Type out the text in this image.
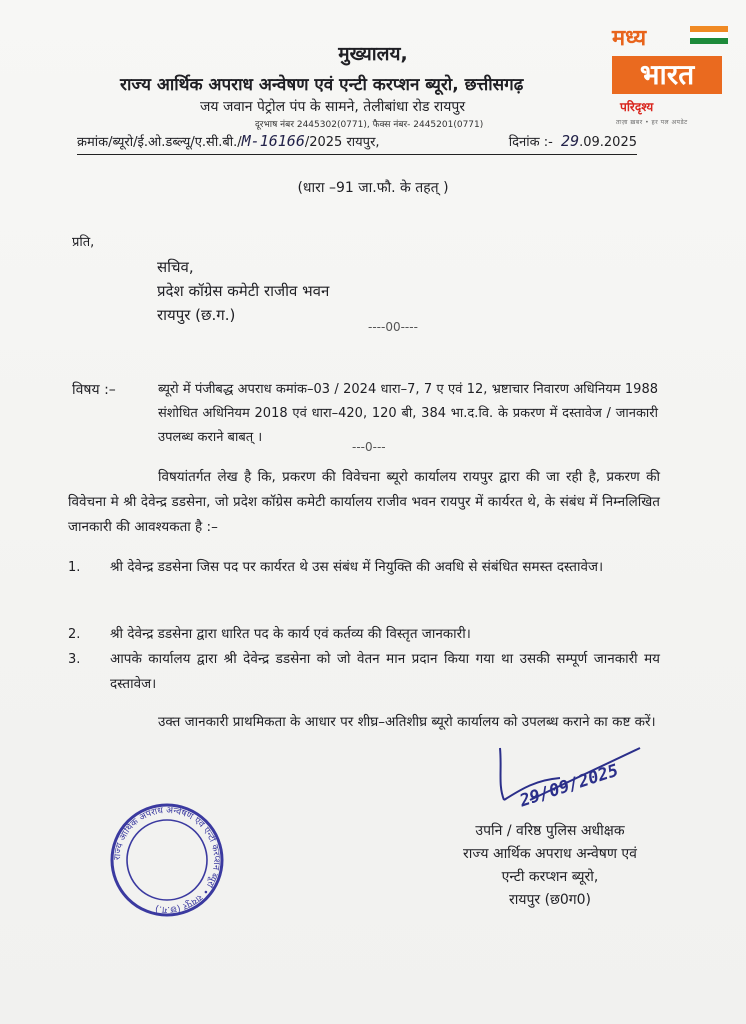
मध्य
भारत
परिदृश्य
ताज़ा ख़बर • हर पल अपडेट
मुख्यालय,
राज्य आर्थिक अपराध अन्वेषण एवं एन्टी करप्शन ब्यूरो, छत्तीसगढ़
जय जवान पेट्रोल पंप के सामने, तेलीबांधा रोड रायपुर
दूरभाष नंबर 2445302(0771), फैक्स नंबर- 2445201(0771)
क्रमांक/ब्यूरो/ई.ओ.डब्ल्यू/ए.सी.बी./M-16166/2025 रायपुर,	दिनांक :- 29.09.2025
(धारा –91 जा.फौ. के तहत् )
प्रति,
सचिव,
प्रदेश कॉग्रेस कमेटी राजीव भवन
रायपुर (छ.ग.)
----00----
विषय :–	ब्यूरो में पंजीबद्ध अपराध कमांक–03 / 2024 धारा–7, 7 ए एवं 12, भ्रष्टाचार निवारण अधिनियम 1988 संशोधित अधिनियम 2018 एवं धारा–420, 120 बी, 384 भा.द.वि. के प्रकरण में दस्तावेज / जानकारी उपलब्ध कराने बाबत् ।
---0---
विषयांतर्गत लेख है कि, प्रकरण की विवेचना ब्यूरो कार्यालय रायपुर द्वारा की जा रही है, प्रकरण की विवेचना मे श्री देवेन्द्र डडसेना, जो प्रदेश कॉग्रेस कमेटी कार्यालय राजीव भवन रायपुर में कार्यरत थे, के संबंध में निम्नलिखित जानकारी की आवश्यकता है :–
1. श्री देवेन्द्र डडसेना जिस पद पर कार्यरत थे उस संबंध में नियुक्ति की अवधि से संबंधित समस्त दस्तावेज।
2. श्री देवेन्द्र डडसेना द्वारा धारित पद के कार्य एवं कर्तव्य की विस्तृत जानकारी।
3. आपके कार्यालय द्वारा श्री देवेन्द्र डडसेना को जो वेतन मान प्रदान किया गया था उसकी सम्पूर्ण जानकारी मय दस्तावेज।
उक्त जानकारी प्राथमिकता के आधार पर शीघ्र–अतिशीघ्र ब्यूरो कार्यालय को उपलब्ध कराने का कष्ट करें।
29/09/2025
उपनि / वरिष्ठ पुलिस अधीक्षक
राज्य आर्थिक अपराध अन्वेषण एवं
एन्टी करप्शन ब्यूरो,
रायपुर (छ0ग0)
राज्य आर्थिक अपराध अन्वेषण एवं एन्टी करप्शन ब्यूरो • रायपुर (छ.ग.)
